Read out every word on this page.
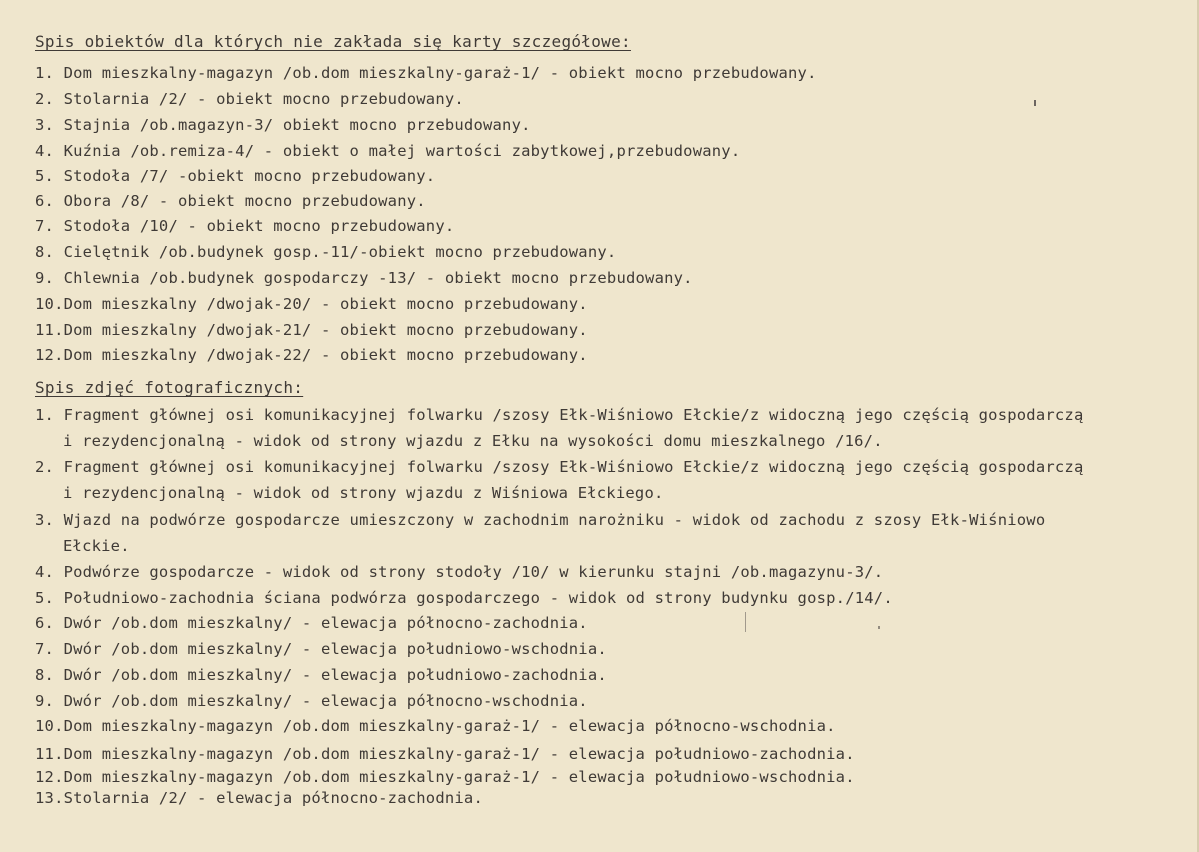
Spis obiektów dla których nie zakłada się karty szczegółowe:
1. Dom mieszkalny-magazyn /ob.dom mieszkalny-garaż-1/ - obiekt mocno przebudowany.
2. Stolarnia /2/ - obiekt mocno przebudowany.
3. Stajnia /ob.magazyn-3/ obiekt mocno przebudowany.
4. Kuźnia /ob.remiza-4/ - obiekt o małej wartości zabytkowej,przebudowany.
5. Stodoła /7/ -obiekt mocno przebudowany.
6. Obora /8/ - obiekt mocno przebudowany.
7. Stodoła /10/ - obiekt mocno przebudowany.
8. Cielętnik /ob.budynek gosp.-11/-obiekt mocno przebudowany.
9. Chlewnia /ob.budynek gospodarczy -13/ - obiekt mocno przebudowany.
10.Dom mieszkalny /dwojak-20/ - obiekt mocno przebudowany.
11.Dom mieszkalny /dwojak-21/ - obiekt mocno przebudowany.
12.Dom mieszkalny /dwojak-22/ - obiekt mocno przebudowany.
Spis zdjęć fotograficznych:
1. Fragment głównej osi komunikacyjnej folwarku /szosy Ełk-Wiśniowo Ełckie/z widoczną jego częścią gospodarczą
i rezydencjonalną - widok od strony wjazdu z Ełku na wysokości domu mieszkalnego /16/.
2. Fragment głównej osi komunikacyjnej folwarku /szosy Ełk-Wiśniowo Ełckie/z widoczną jego częścią gospodarczą
i rezydencjonalną - widok od strony wjazdu z Wiśniowa Ełckiego.
3. Wjazd na podwórze gospodarcze umieszczony w zachodnim narożniku - widok od zachodu z szosy Ełk-Wiśniowo
Ełckie.
4. Podwórze gospodarcze - widok od strony stodoły /10/ w kierunku stajni /ob.magazynu-3/.
5. Południowo-zachodnia ściana podwórza gospodarczego - widok od strony budynku gosp./14/.
6. Dwór /ob.dom mieszkalny/ - elewacja północno-zachodnia.
7. Dwór /ob.dom mieszkalny/ - elewacja południowo-wschodnia.
8. Dwór /ob.dom mieszkalny/ - elewacja południowo-zachodnia.
9. Dwór /ob.dom mieszkalny/ - elewacja północno-wschodnia.
10.Dom mieszkalny-magazyn /ob.dom mieszkalny-garaż-1/ - elewacja północno-wschodnia.
11.Dom mieszkalny-magazyn /ob.dom mieszkalny-garaż-1/ - elewacja południowo-zachodnia.
12.Dom mieszkalny-magazyn /ob.dom mieszkalny-garaż-1/ - elewacja południowo-wschodnia.
13.Stolarnia /2/ - elewacja północno-zachodnia.
